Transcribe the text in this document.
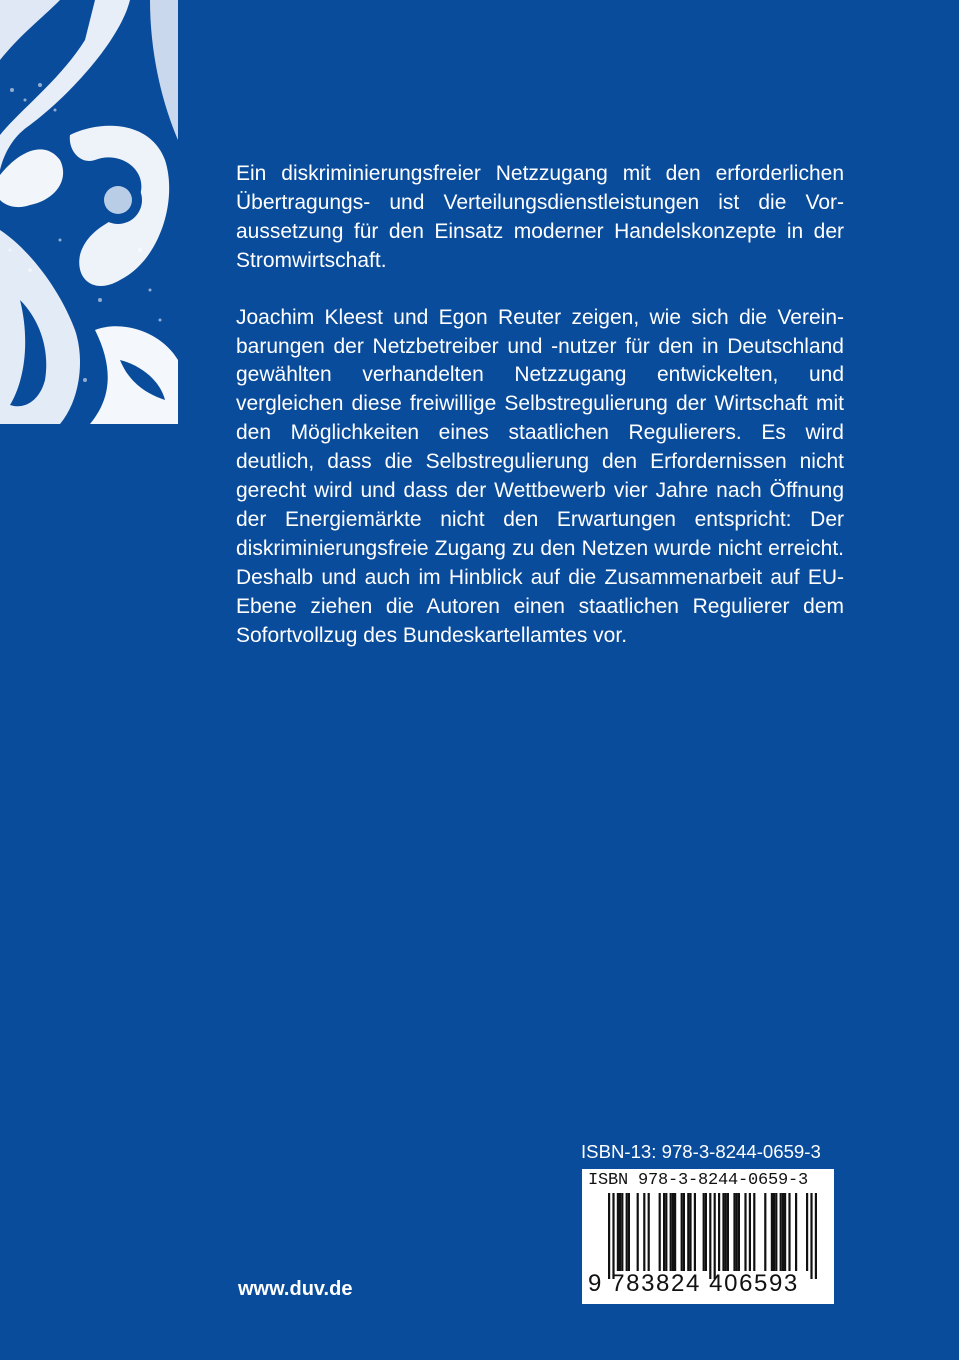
Ein diskriminierungsfreier Netzzugang mit den erforderlichen Übertragungs- und Verteilungsdienstleistungen ist die Voraussetzung für den Einsatz moderner Handelskonzepte in der Stromwirtschaft.

Joachim Kleest und Egon Reuter zeigen, wie sich die Vereinbarungen der Netzbetreiber und -nutzer für den in Deutschland gewählten verhandelten Netzzugang entwickelten, und vergleichen diese freiwillige Selbstregulierung der Wirtschaft mit den Möglichkeiten eines staatlichen Regulierers. Es wird deutlich, dass die Selbstregulierung den Erfordernissen nicht gerecht wird und dass der Wettbewerb vier Jahre nach Öffnung der Energiemärkte nicht den Erwartungen entspricht: Der diskriminierungsfreie Zugang zu den Netzen wurde nicht erreicht. Deshalb und auch im Hinblick auf die Zusammenarbeit auf EU-Ebene ziehen die Autoren einen staatlichen Regulierer dem Sofortvollzug des Bundeskartellamtes vor.

ISBN-13: 978-3-8244-0659-3
ISBN 978-3-8244-0659-3
9 783824 406593
www.duv.de
